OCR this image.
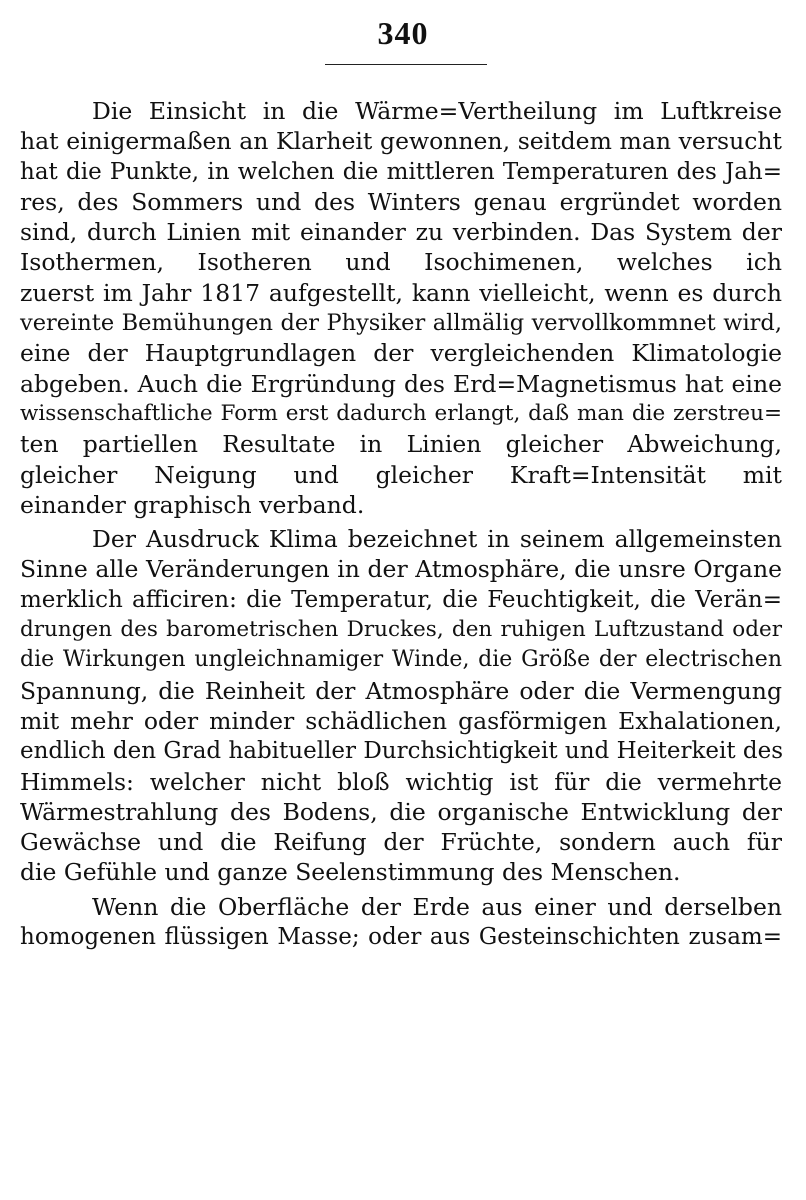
340
Die Einsicht in die Wärme=Vertheilung im Luftkreise
hat einigermaßen an Klarheit gewonnen, seitdem man versucht
hat die Punkte, in welchen die mittleren Temperaturen des Jah=
res, des Sommers und des Winters genau ergründet worden
sind, durch Linien mit einander zu verbinden. Das System der
Isothermen, Isotheren und Isochimenen, welches ich
zuerst im Jahr 1817 aufgestellt, kann vielleicht, wenn es durch
vereinte Bemühungen der Physiker allmälig vervollkommnet wird,
eine der Hauptgrundlagen der vergleichenden Klimatologie
abgeben. Auch die Ergründung des Erd=Magnetismus hat eine
wissenschaftliche Form erst dadurch erlangt, daß man die zerstreu=
ten partiellen Resultate in Linien gleicher Abweichung,
gleicher Neigung und gleicher Kraft=Intensität mit
einander graphisch verband.
Der Ausdruck Klima bezeichnet in seinem allgemeinsten
Sinne alle Veränderungen in der Atmosphäre, die unsre Organe
merklich afficiren: die Temperatur, die Feuchtigkeit, die Verän=
drungen des barometrischen Druckes, den ruhigen Luftzustand oder
die Wirkungen ungleichnamiger Winde, die Größe der electrischen
Spannung, die Reinheit der Atmosphäre oder die Vermengung
mit mehr oder minder schädlichen gasförmigen Exhalationen,
endlich den Grad habitueller Durchsichtigkeit und Heiterkeit des
Himmels: welcher nicht bloß wichtig ist für die vermehrte
Wärmestrahlung des Bodens, die organische Entwicklung der
Gewächse und die Reifung der Früchte, sondern auch für
die Gefühle und ganze Seelenstimmung des Menschen.
Wenn die Oberfläche der Erde aus einer und derselben
homogenen flüssigen Masse; oder aus Gesteinschichten zusam=
